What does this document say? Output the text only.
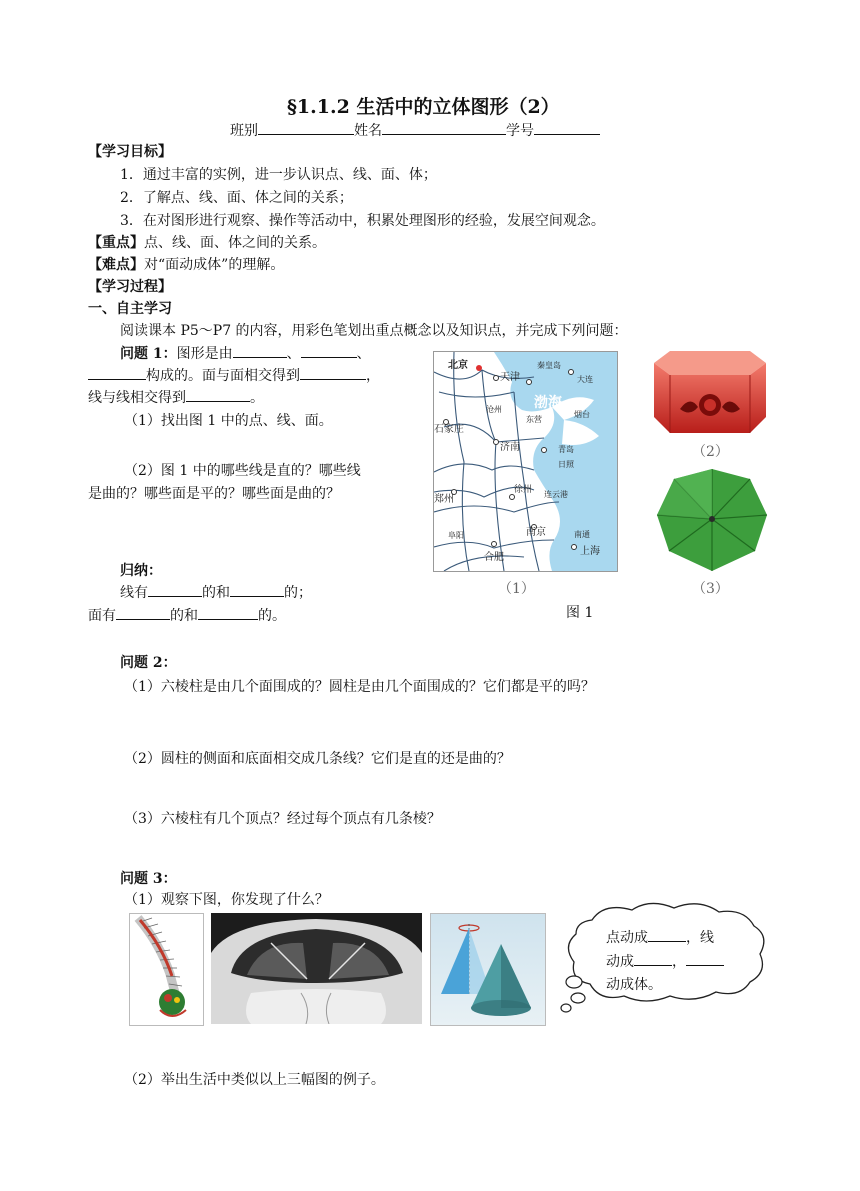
§1.1.2 生活中的立体图形（2）
班别	姓名	学号
【学习目标】
1．通过丰富的实例，进一步认识点、线、面、体；
2．了解点、线、面、体之间的关系；
3．在对图形进行观察、操作等活动中，积累处理图形的经验，发展空间观念。
【重点】点、线、面、体之间的关系。
【难点】对“面动成体”的理解。
【学习过程】
一、自主学习
阅读课本 P5～P7 的内容，用彩色笔划出重点概念以及知识点，并完成下列问题：
问题 1：图形是由	、	、
构成的。面与面相交得到	，
线与线相交得到	。
（1）找出图 1 中的点、线、面。
（2）图 1 中的哪些线是直的？哪些线
是曲的？哪些面是平的？哪些面是曲的？
归纳：
线有	的和	的；
面有	的和	的。
北京
天津
秦皇岛
大连
渤海
沧州
东营
烟台
石家庄
济南	青岛
日照
郑州
徐州 连云港
南京
合肥
南通
上海
阜阳
（1）
图 1
（2）
（3）
问题 2：
（1）六棱柱是由几个面围成的？圆柱是由几个面围成的？它们都是平的吗？
（2）圆柱的侧面和底面相交成几条线？它们是直的还是曲的？
（3）六棱柱有几个顶点？经过每个顶点有几条棱？
问题 3：
（1）观察下图，你发现了什么？
点动成	，线
动成	，
动成体。
（2）举出生活中类似以上三幅图的例子。
